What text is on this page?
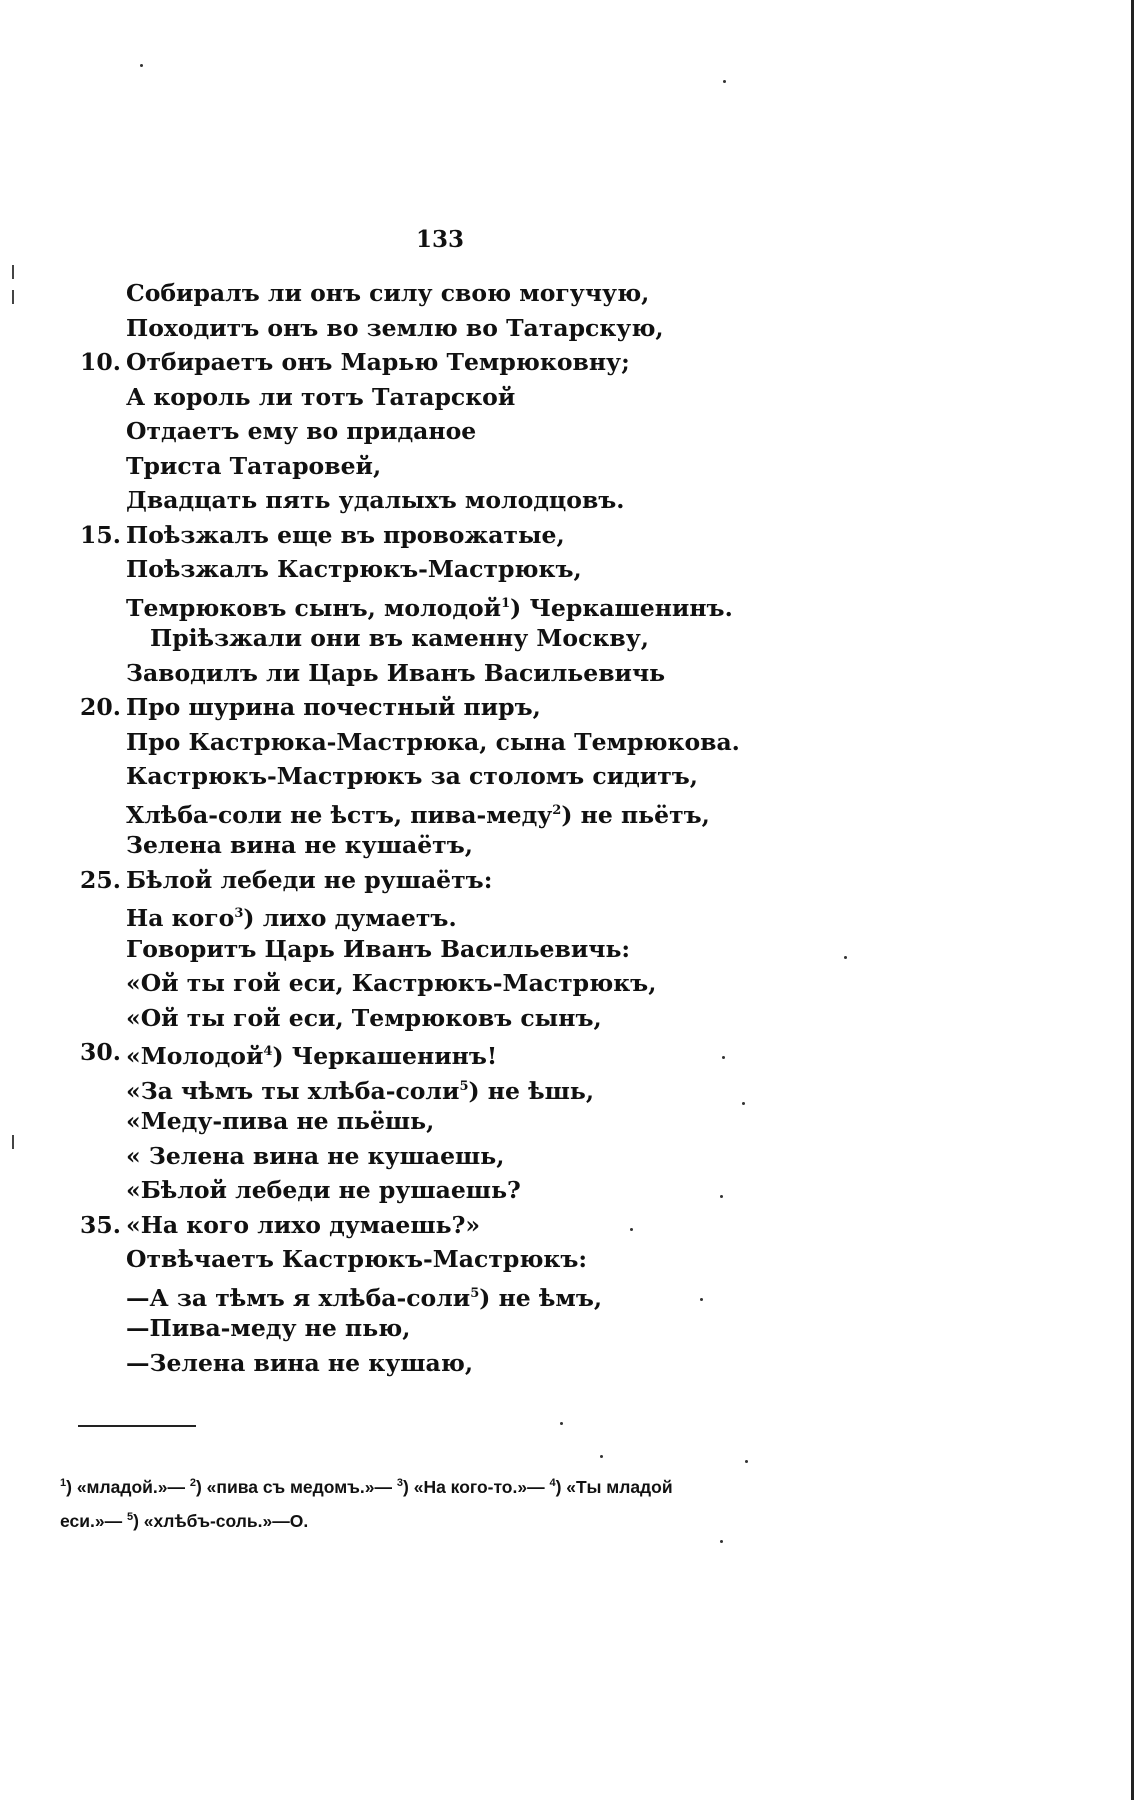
133
Собиралъ ли онъ силу свою могучую,
Походитъ онъ во землю во Татарскую,
10. Отбираетъ онъ Марью Темрюковну;
А король ли тотъ Татарской
Отдаетъ ему во приданое
Триста Татаровей,
Двадцать пять удалыхъ молодцовъ.
15. Поѣзжалъ еще въ провожатые,
Поѣзжалъ Кастрюкъ-Мастрюкъ,
Темрюковъ сынъ, молодой$^1$) Черкашенинъ.
Пріѣзжали они въ каменну Москву,
Заводилъ ли Царь Иванъ Васильевичь
20. Про шурина почестный пиръ,
Про Кастрюка-Мастрюка, сына Темрюкова.
Кастрюкъ-Мастрюкъ за столомъ сидитъ,
Хлѣба-соли не ѣстъ, пива-меду$^2$) не пьётъ,
Зелена вина не кушаётъ,
25. Бѣлой лебеди не рушаётъ:
На кого$^3$) лихо думаетъ.
Говоритъ Царь Иванъ Васильевичь:
«Ой ты гой еси, Кастрюкъ-Мастрюкъ,
«Ой ты гой еси, Темрюковъ сынъ,
30. «Молодой$^4$) Черкашенинъ!
«За чѣмъ ты хлѣба-соли$^5$) не ѣшь,
«Меду-пива не пьёшь,
« Зелена вина не кушаешь,
«Бѣлой лебеди не рушаешь?
35. «На кого лихо думаешь?»
Отвѣчаетъ Кастрюкъ-Мастрюкъ:
—А за тѣмъ я хлѣба-соли$^5$) не ѣмъ,
—Пива-меду не пью,
—Зелена вина не кушаю,
$^1$) «младой.»— $^2$) «пива съ медомъ.»— $^3$) «На кого-то.»— $^4$) «Ты младой
еси.»— $^5$) «хлѣбъ-соль.»—О.
